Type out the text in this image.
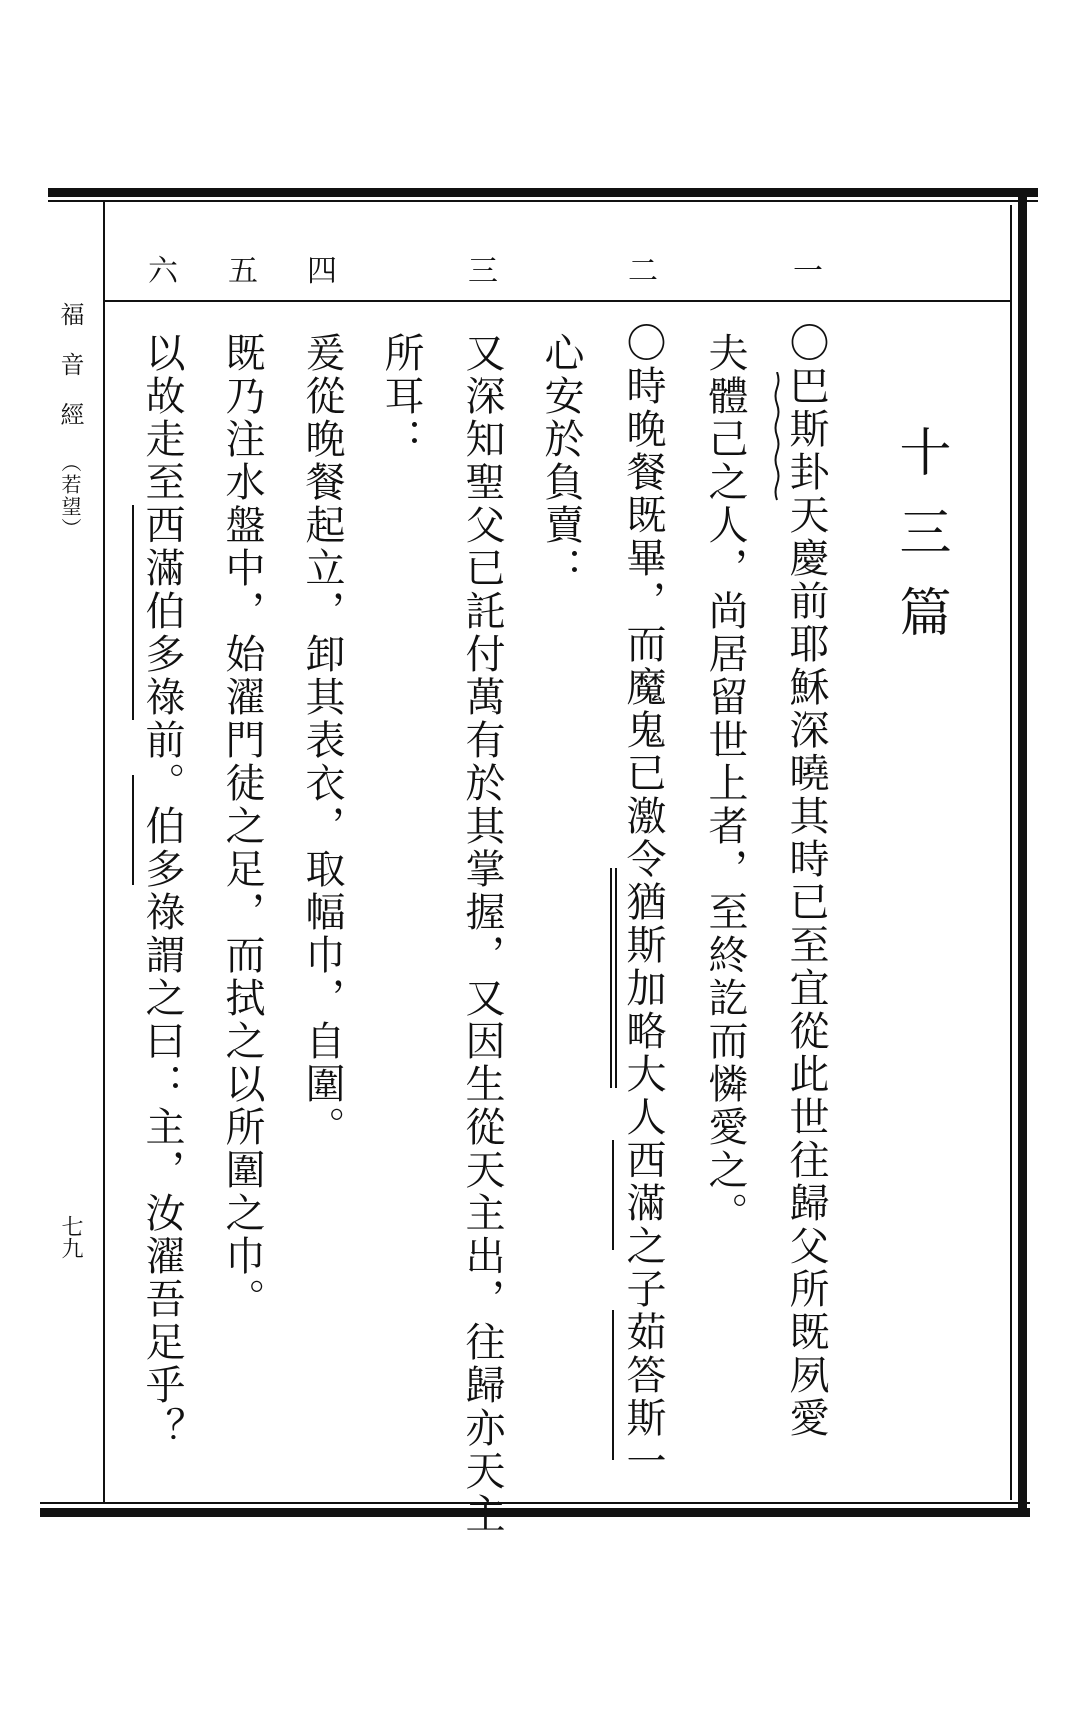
福音經（若望）
七九
一
二
三
四
五
六
十三篇
〇巴斯卦天慶前耶穌深曉其時已至宜從此世往歸父所既夙愛
夫體己之人，尚居留世上者，至終訖而憐愛之。
〇時晚餐既畢，而魔鬼已激令猶斯加略大人西滿之子茹答斯一
心安於負賣：
又深知聖父已託付萬有於其掌握，又因生從天主出，往歸亦天主
所耳：
爰從晚餐起立，卸其表衣，取幅巾，自圍。
既乃注水盤中，始濯門徒之足，而拭之以所圍之巾。
以故走至西滿伯多祿前。伯多祿謂之曰：主，汝濯吾足乎？
